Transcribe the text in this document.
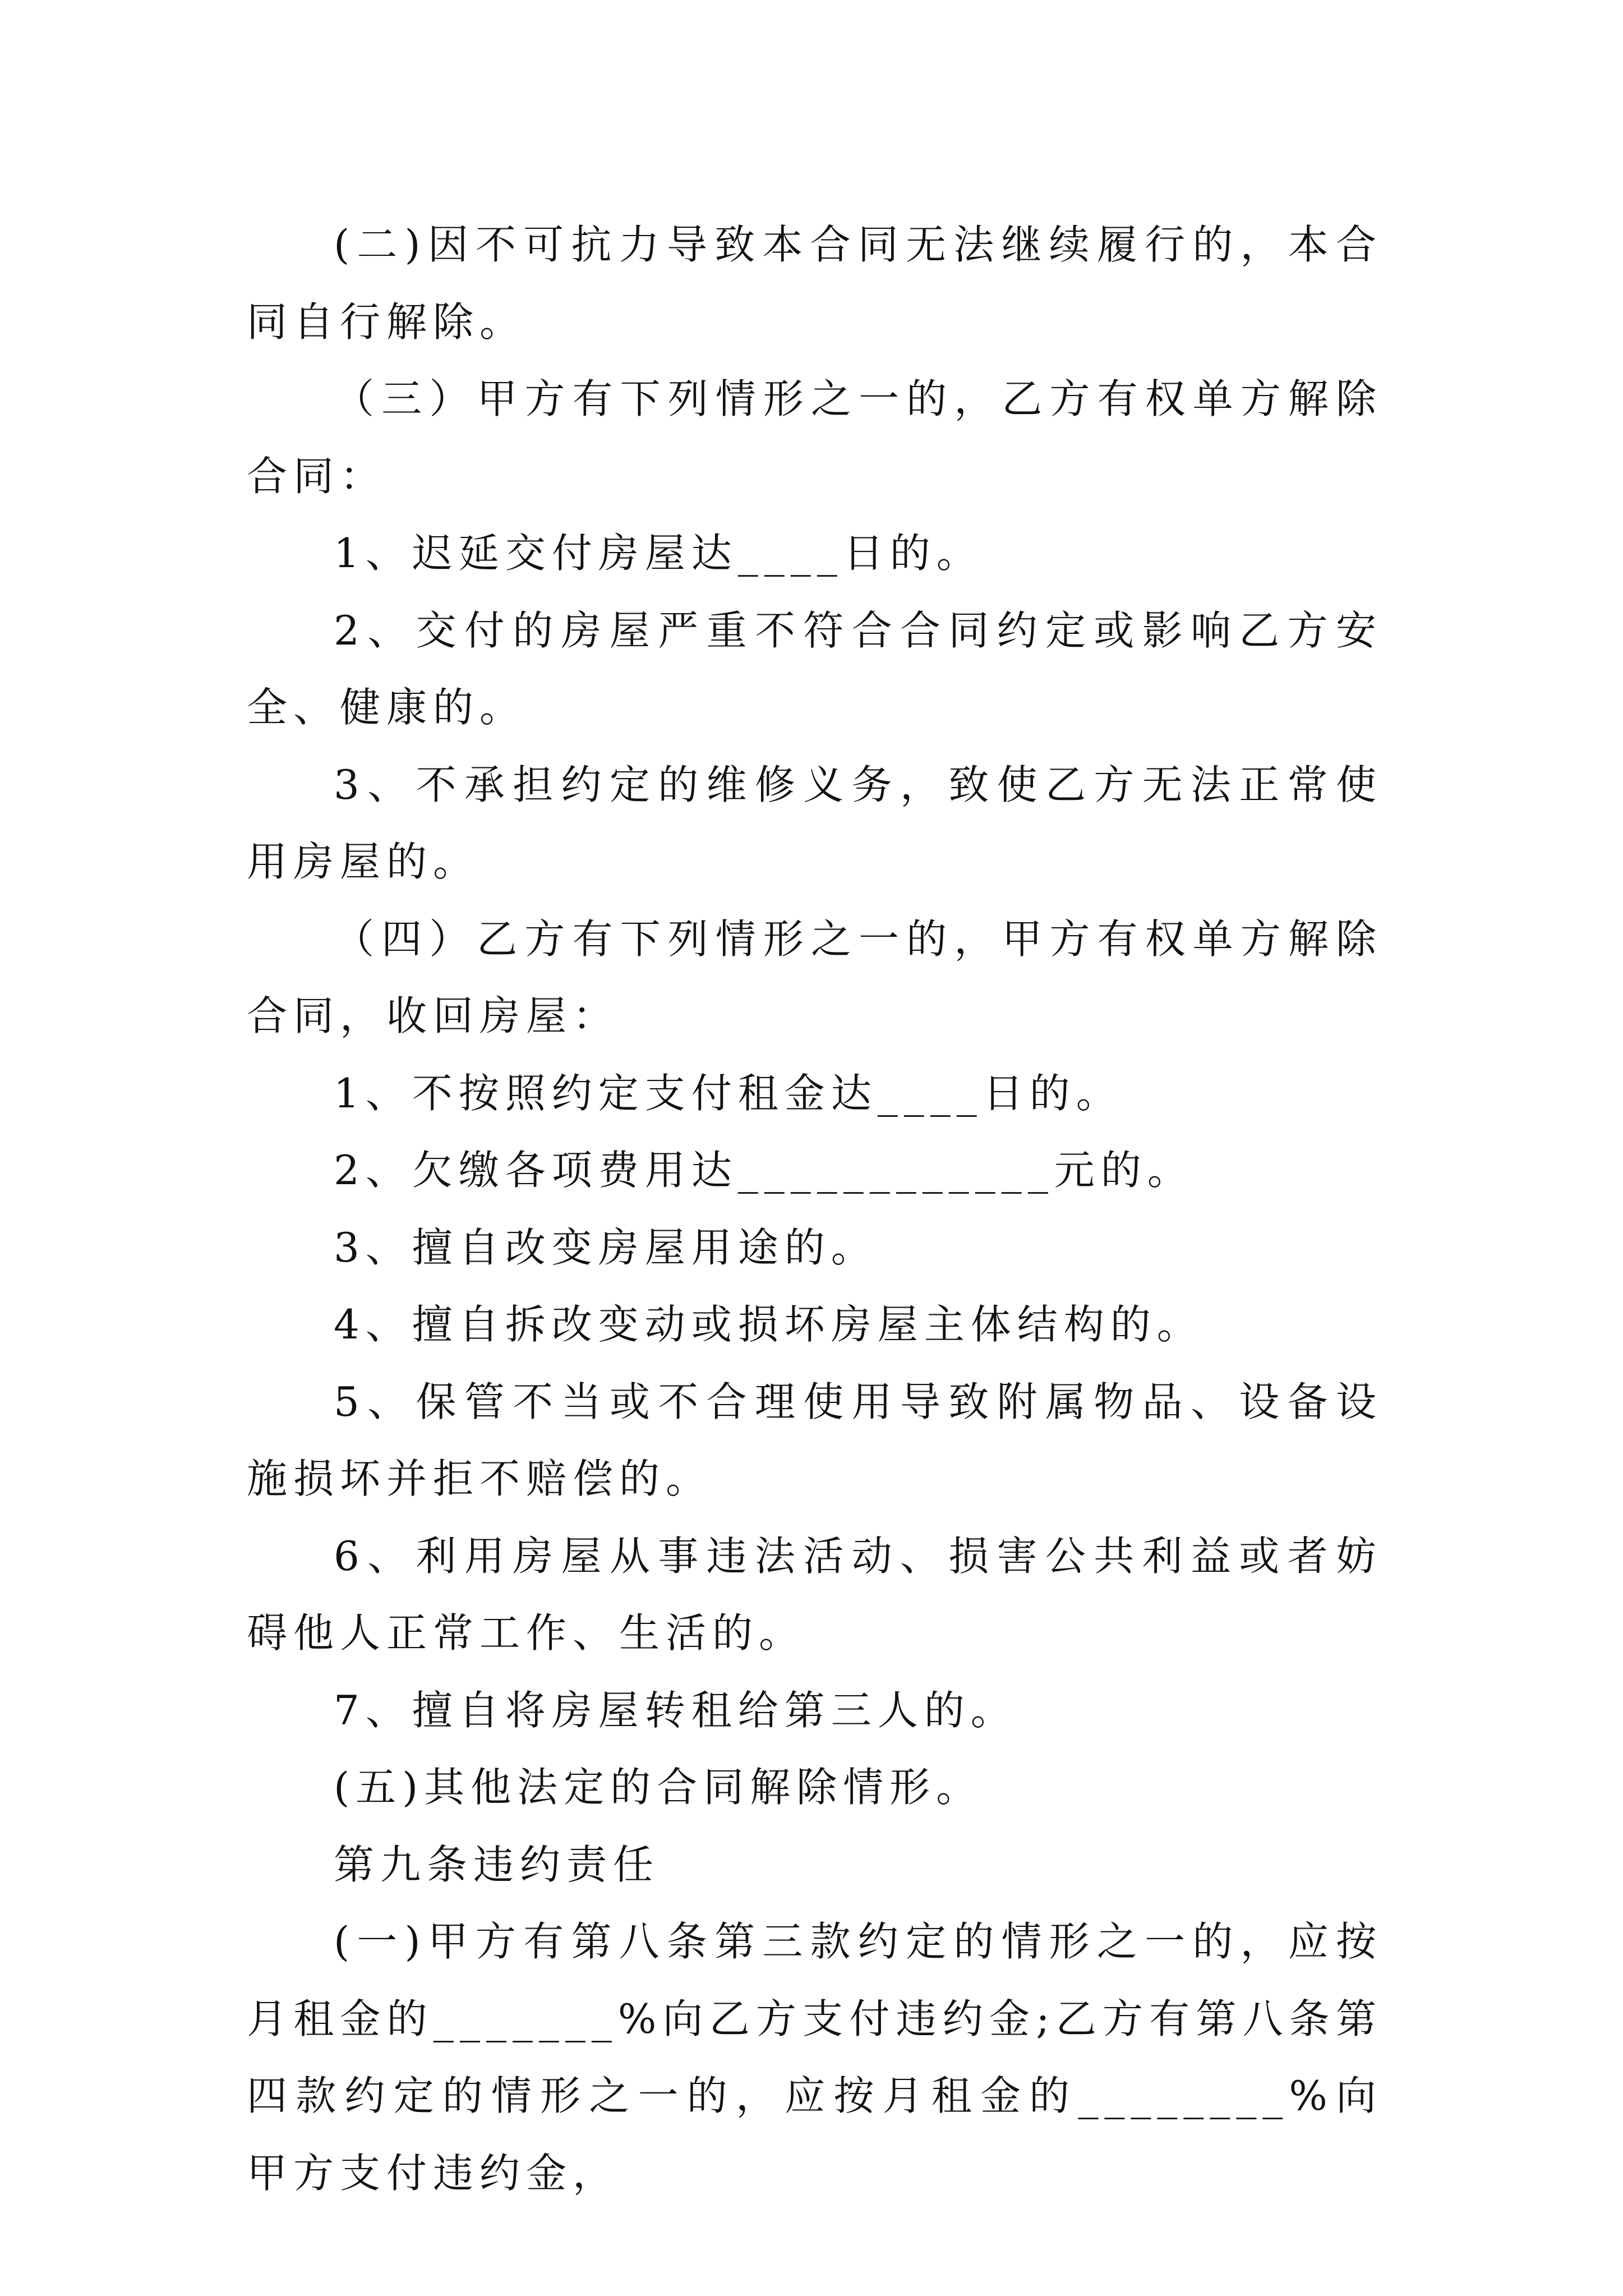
(二)因不可抗力导致本合同无法继续履行的，本合同自行解除。

（三）甲方有下列情形之一的，乙方有权单方解除合同：

1、迟延交付房屋达____日的。

2、交付的房屋严重不符合合同约定或影响乙方安全、健康的。

3、不承担约定的维修义务，致使乙方无法正常使用房屋的。

（四）乙方有下列情形之一的，甲方有权单方解除合同，收回房屋：

1、不按照约定支付租金达____日的。

2、欠缴各项费用达____________元的。

3、擅自改变房屋用途的。

4、擅自拆改变动或损坏房屋主体结构的。

5、保管不当或不合理使用导致附属物品、设备设施损坏并拒不赔偿的。

6、利用房屋从事违法活动、损害公共利益或者妨碍他人正常工作、生活的。

7、擅自将房屋转租给第三人的。

(五)其他法定的合同解除情形。

第九条违约责任

(一)甲方有第八条第三款约定的情形之一的，应按月租金的_______%向乙方支付违约金;乙方有第八条第四款约定的情形之一的，应按月租金的________%向甲方支付违约金，
